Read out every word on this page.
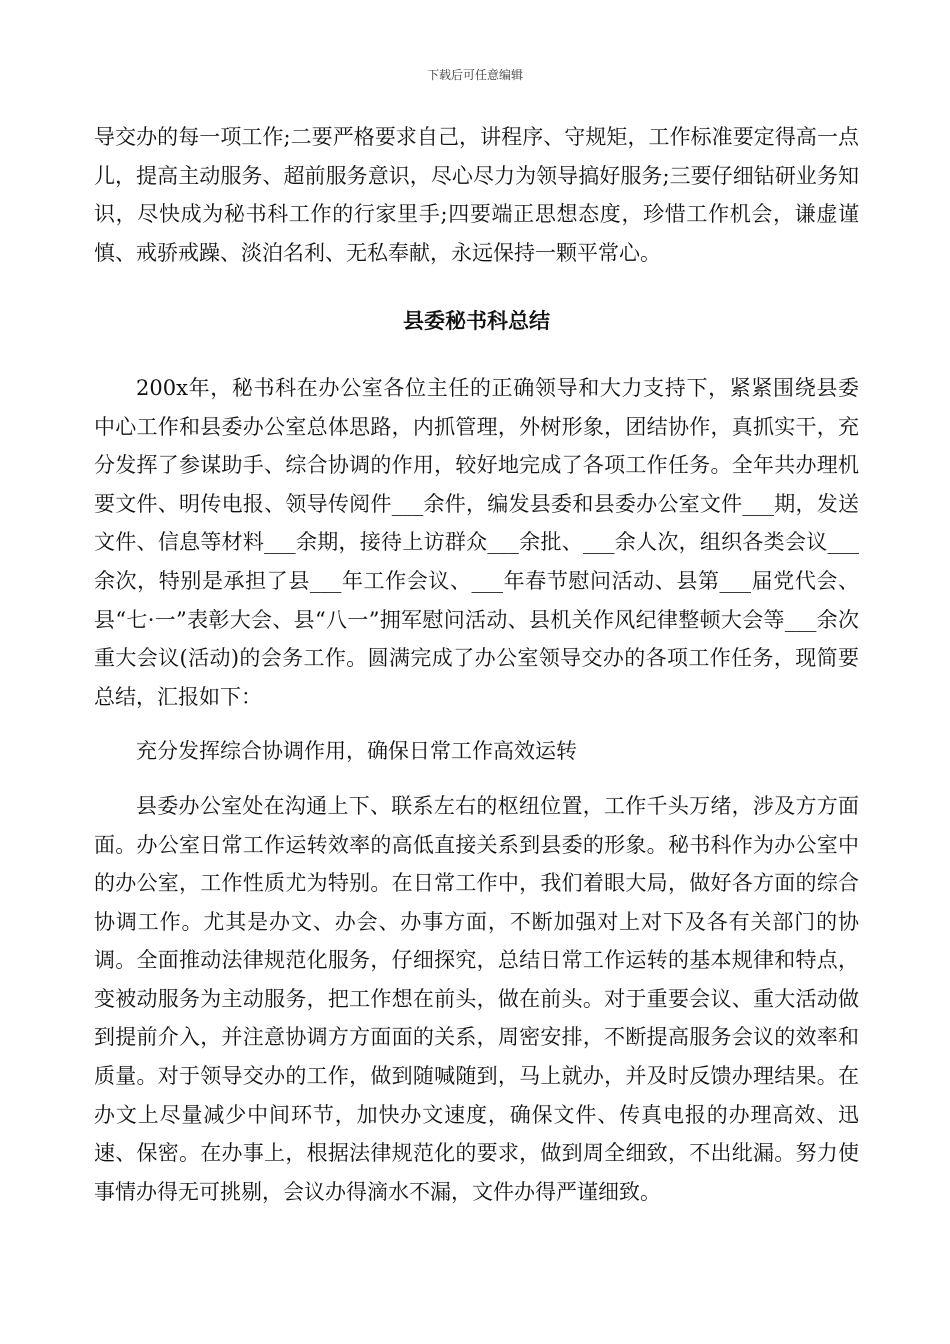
下载后可任意编辑

导交办的每一项工作;二要严格要求自己，讲程序、守规矩，工作标准要定得高一点儿，提高主动服务、超前服务意识，尽心尽力为领导搞好服务;三要仔细钻研业务知识，尽快成为秘书科工作的行家里手;四要端正思想态度，珍惜工作机会，谦虚谨慎、戒骄戒躁、淡泊名利、无私奉献，永远保持一颗平常心。

县委秘书科总结

200x年，秘书科在办公室各位主任的正确领导和大力支持下，紧紧围绕县委中心工作和县委办公室总体思路，内抓管理，外树形象，团结协作，真抓实干，充分发挥了参谋助手、综合协调的作用，较好地完成了各项工作任务。全年共办理机要文件、明传电报、领导传阅件___余件，编发县委和县委办公室文件___期，发送文件、信息等材料___余期，接待上访群众___余批、___余人次，组织各类会议___余次，特别是承担了县___年工作会议、___年春节慰问活动、县第___届党代会、县“七·一”表彰大会、县“八一”拥军慰问活动、县机关作风纪律整顿大会等___余次重大会议(活动)的会务工作。圆满完成了办公室领导交办的各项工作任务，现简要总结，汇报如下：

充分发挥综合协调作用，确保日常工作高效运转

县委办公室处在沟通上下、联系左右的枢纽位置，工作千头万绪，涉及方方面面。办公室日常工作运转效率的高低直接关系到县委的形象。秘书科作为办公室中的办公室，工作性质尤为特别。在日常工作中，我们着眼大局，做好各方面的综合协调工作。尤其是办文、办会、办事方面，不断加强对上对下及各有关部门的协调。全面推动法律规范化服务，仔细探究，总结日常工作运转的基本规律和特点，变被动服务为主动服务，把工作想在前头，做在前头。对于重要会议、重大活动做到提前介入，并注意协调方方面面的关系，周密安排，不断提高服务会议的效率和质量。对于领导交办的工作，做到随喊随到，马上就办，并及时反馈办理结果。在办文上尽量减少中间环节，加快办文速度，确保文件、传真电报的办理高效、迅速、保密。在办事上，根据法律规范化的要求，做到周全细致，不出纰漏。努力使事情办得无可挑剔，会议办得滴水不漏，文件办得严谨细致。
